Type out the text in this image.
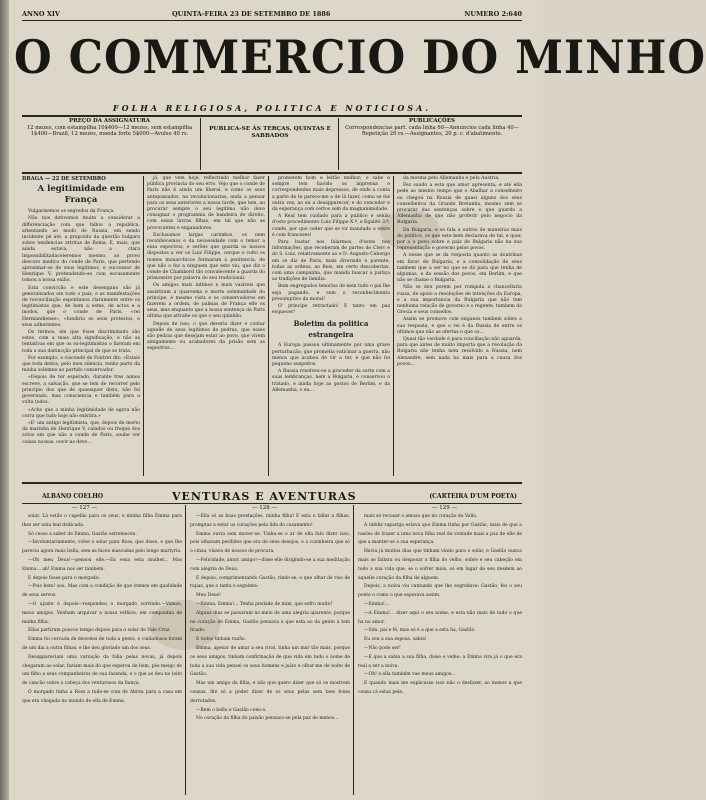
ANNO XIV	QUINTA-FEIRA 23 DE SETEMBRO DE 1886	NUMERO 2:640
O COMMERCIO DO MINHO
FOLHA RELIGIOSA, POLITICA E NOTICIOSA.
PREÇO DA ASSIGNATURA
12 mezes, com estampilha 10$400—12 mezes, sem estampilha 1$400—Brazil, 12 mezes, moeda forte 5$000—Avulso 40 rs.
PUBLICA-SE ÁS TERÇAS, QUINTAS E SABBADOS
PUBLICAÇÕES
Correspondencias part. cada linha 60—Annuncios cada linha 40—Repetição 20 rs.—Assignantes, 20 p. c. d'abatimento.
BRAGA — 22 DE SETEMBRO
A legitimidade em França

Vulgarisemos os segredos da França.

Não nos detivemos muito a considerar a differenciação com que fallou a republica, attentando ao modo de Russia, em sendo incidente pé até, a proposito da questão bulgara sobre tendencias attritas de Roma. E, mais, que ainda estava, não a clara impossibilitadaceleremos mesmo, ao provo descoro medico do conde de Paris, que pertendo aproximar-se de seus legitimos, e successor de Henrique V, pretendendo-se com escusamente tomou a nossa exilio.

Esta convicção e este desengano são já generalisados em todo o paiz, e as manifestações de reconciliação espontanea claramente entre os legitimistas que, de bem a estes, de actos e a modos, que o conde de Paris, «rei Hermandiense», «fundiria os seus protestos, e seus adherentes.

Os termos, em que fosse discriminado são estes, com a mais alta significação, e não as tentativas em que os ex-legitimistas o fizeram em toda a sua distincção principal de que se trata.

Por exemplo, a viscondé de Fontret diz: «Estais que toda dedos, pelo meu silencio, tenho parte da minha solemne ao partido conservador.

«Depois de ter esperado, durante tres annos escreve, a salvação, que se tem de recorrer pelo principio dos que de quaesquer disto, não foi governado, mas consciencia e também para a volta todos.

«Acho que a minha legitimidade de agora não corra que tudo hoje não existira.»

«E' um antigo legitimista, que, depois de morto da marinha de Henrique V, calados ou freque dos actos em que não a conde de Paris, soube ver coisas nossas, ouvir-as deve...

já, que vem hoje, reflectindo melhor fazer pública provincia do seu erro. Vejo que o conde de Paris não é ainda um liberal, e como os seus antepassados, na revolucionarias, anda a pensar para os seus anteriores a nossa tarde, que tem, ao procurar sempre o seu legitimo não deve consignar o programma de bandeira de direito, com essas lavras filhas, em tal que não as provocantes e enganadores.

Exclusamos largas carimbos, os nem reconhecemos e da necessidade com o temor a essa espectros, e serões que guarda os nossos dispostos a ver os Luiz Filippe, cerque o volto os nomes monarchicos formaram a penitencia, de que não o fez a ninguem que este viu, que diz o conde de Chambord tão convalecente a guarda do prisioneiro por palavra do seu tradicional.

Os amigos mais intimos e mais vasiveis que assistiram a quaresma e morte solemnidade do principe, é mesmo vista e os conservadores em fazerem a ordem, de palmas de França elle os seus, mas enquanto que a nossa sentença da Paris ultima que attrahe os que o seu quinhão.

Depois de isso, o que deveria dizer e contar aquelle de seus legitimos de pedras, que esses são pedras que desejam estar ao povo, que vivem amigamente ou acabadores da prisão sem as espectros...

prometem bom e leitão melhor; o sabe e sempre tem havido os imprensa e correspondentes mais depressos, de onde a conta a parte de te parece-me a de lá fazer, como se fez outra vez, ao eu a desapparecer, e do vencedor e da esperança com certos sem da magnanimidade.

A Real tem cuidado para a publico e senão d'este procedimento Luiz Filippe X.º, e Egalité 3.º, conde, por que ceder que se vir mandado a entre é com francezes!

Para bastar nos falarmos, d'estes nos informações, que receberam de partes de Clerc e do S. Luiz, relativamente ao e D. Augusto Cabergo em se diz de Paris, mais diversido e parente, todas as ordens, ao Reis, em certo descobertas, com uma campanha, que manda buscar a justiça as tradições de familia.

Bem engregados tenorios de nem tudo o pai lhe seja pagando, e sem o reconhecimento presumptivo da moral!

O' principe retractado! E tanto em paz esquecer!

Boletim da politica estrangeira

A Europa passou ultimamente por uma grave perturbação, que prometia vaticinar a guerra, não menos que acabou de vir a ter, e que não foi pequeno suspeitos.

A Russia resolveu-se a proceder da sorte com a suas lembranças, nem a Bulgaria, e conservou o tratado, e ainda hoje as gostos de Berlim, e da Allemanha, o eu...

da mesma pelo Allemanha e pela Austria.

Fez saudo a esta que amor apresenta, e até ella pede ao mesmo tempo que o Abalhar a conselheiro ou chegou na Russia de quasi alguns dos seus conselheiros da Grande Bretanha, mesmo sem se procurar das sentenças sobre o que guarda a Allemanha de que não proferir pelo negocio da Bulgaria.

Da Bulgaria, e se fala a outros de maneiras mais do politico, os que este bem declarava de tal, e quer, por a o povo sobre e paiz de Bulgaria não ha sua representação e governo pelos povos.

A nesse que se da resposta quanto as doutrinas em favor de Bulgaria, e a consolidação de seus tambem que a ser no que se dá para que tenha de algumas, e da sessão dos povos, em Berlim, e que não se chame o Bulgaria.

Não se deu porem por rompida a chancellaria russa, de apoio a resoluções de intenções da Europa, e a sua importancia da Bulgaria que não tem nenhuma relação de governo e o regente, tambem da Grecia e seus consellos.

Assim se promove com enganos tambem sobre a sua resposta, e que o rei é da Russia de entre os ultimos que não as ofertas o que os...

Quasi tão verdade é para conciliação não aguarda, para que antes de muito importa que a revolução da Bulgaria não tenha nem resolvido a Russia, nem Alexandre, sem nada ha mais para a causa dos povos...

ALBANO COELHO	VENTURAS E AVENTURAS	(CARTEIRA D'UM POETA)
— 127 —	— 128 —	— 129 —

solar. Lá estão o capelão para os seus, e minha filha Emma para lhes ser uma leal dedicada.

Só cesso a saber de Emma, Gastão estremeceu.

—Involuntariamente, volve o solar para Ross, que disse, e que lhe parecia agora mais bella, sem as faces mascadas pelo longo martyrio.

—Oh meu Deus!—pensou elle.—Ex essa esta mulher... Mas Emma... ah! Emma nos ser também.

E depois fosse para o morgado:

—Pois bem! sou. Mas com a condição de que iremos em qualidade de seus servos.

—O ajuste é depois—respondeu o morgado sorrindo.—Vamos, meus amigos. Venham arquivar a nossa velhice, em companhia de minha filha.

Ellas partiram poucos tempo depois para o solar de Vale Cruz.

Emma foi cercada de desvelos de toda a gente, e cuidadosos foram de um dia a outra filhas, e lhe deu gloriado um dos seus.

Desappareciam uma variação da fulia pelas novas, já depois chegaram ao solar, faziam mais do que esperou de bem, pós meigo de um filho a seus companheiros de sua fazenda, e o que as deu no leito de cancão sobre a cabeça dos venturosos da fiança.

O morgado tinha a Ross a tudo-se com de Abreu para a casa em que era chegada no mundo de ella de Emma.

—Ella só as boas prestações, minha filha! E esta o fallar a filhas, promptas a estar os corações pela lida do casamento!

Emma ouvia sem mover-se. Tinha-se o ar de ella falo dizer isso, pois olhavam perdidos que era de seus desejos, e a cozinheira que só o cinza, visava de nossos de procura.

—Felicidade, amor, amigo!—disse elle dirigindo-se a sua meditação com alegria de Deus.

E depois, comprimentando Gastão, rindo-se, o que olhar de riso de rapaz, que o tanta e seguinte:

Meu Deus!

—Emma, Emma!... Tenha piedade de mim, que sofro muito!

Alguns dias se passaram no meio de uma alegria aparente, porque no coração de Emma, Gastão pensava a que esta ao da gente a tem ficado.

E todos tinham razão.

Emma, apesar de amar a seu rival, tinha um mar tão mais, porque os seus amigos, tinham confirmação de que vida em tudo o nome de toda a sua vida pensei os seus homens e juízo e olhar-me de noite de Gastão.

Mas um amigo da filha, e não que quero dizer que só os mostrem cousas, lhe só a poder dizer de os seus pelas sem taes fosse derrotados.

—Bem o bello e Gastão cono-o.

No coração da filha do paixão pensaco-se pela paz de menos...

mais se recusar o amoso que no coração do Vallo.

A infeliz rapariga estava que Emma tinha por Gastão, mais do que a rasões de trazer a uma nova filha real da vontade mais a paz de elle de que a manter-se a sua esperança.

Havia já muitos dias que tinham vindo para o solar, e Gastão nunca mais se fallara ou desposar a filha do velho, sobre e seu cabeção em todo a sua vida que, se o sofrer mais, só em lugar de seu desdem ao aquelle coração da filha de alguem.

Depois, a noiva viu cantando que lhe segredava: Gastão, fez o seu poeta o como o que esperava assim.

—Emma!...

—A Emma!... dizer aqui o seu nome, e esta não mais de tudo o que ha no amor.

—Sim, pai e fé, mas só é a que a esta ha, Gastão.

Eu sou a sua esposa, sabia!

—Não pode ser!

—E que a sabia a sua filha, disse o velho: a Emma vira já o que era real a ser a noiva.

—Oh! e ella também vae meus amigos...

E quando mais me explicasse isso não o desfazer, ao menos a que cousa cá estas pela.
